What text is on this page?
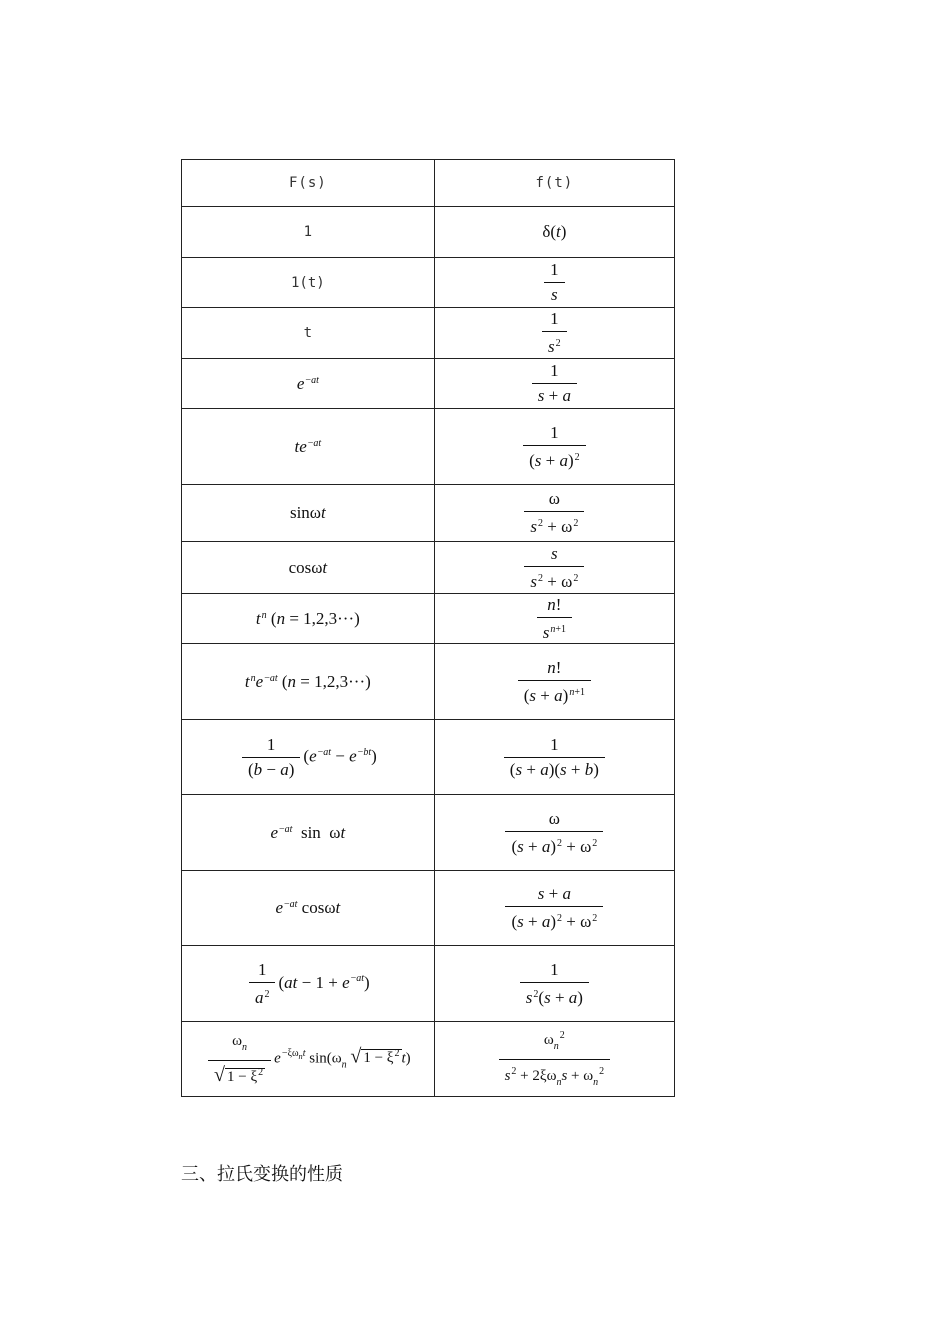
F(s)	f(t)
1	δ(t)
1(t)	$\frac{1}{s}$

t	$\frac{1}{s^2}$

$e^{-at}$	$\frac{1}{s + a}$

$te^{-at}$	$\frac{1}{(s + a)^2}$

sinωt	$\frac{\omega}{s^2 + \omega^2}$

cosωt	$\frac{s}{s^2 + \omega^2}$

$t^n$ (n = 1,2,3···)	$\frac{n!}{s^{n+1}}$

$t^ne^{-at}$ (n = 1,2,3···)	$\frac{n!}{(s + a)^{n+1}}$

$\frac{1}{(b - a)} (e^{-at} - e^{-bt})$	$\frac{1}{(s + a)(s + b)}$

$e^{-at}$  sin  ωt	$\frac{\omega}{(s + a)^2 + \omega^2}$

$e^{-at}$ cosωt	$\frac{s + a}{(s + a)^2 + \omega^2}$

$\frac{1}{a^2} (at - 1 + e^{-at})$	$\frac{1}{s^2(s + a)}$

$\frac{\omega_n}{√ 1 - \xi^2} e^{-\xi\omega_nt}$ $\sin(\omega_n$ √ $1 - \xi^2$ t)	$\frac{\omega_n^2}{s^2 + 2\xi\omega_ns + \omega_n^2}$
三、拉氏变换的性质
